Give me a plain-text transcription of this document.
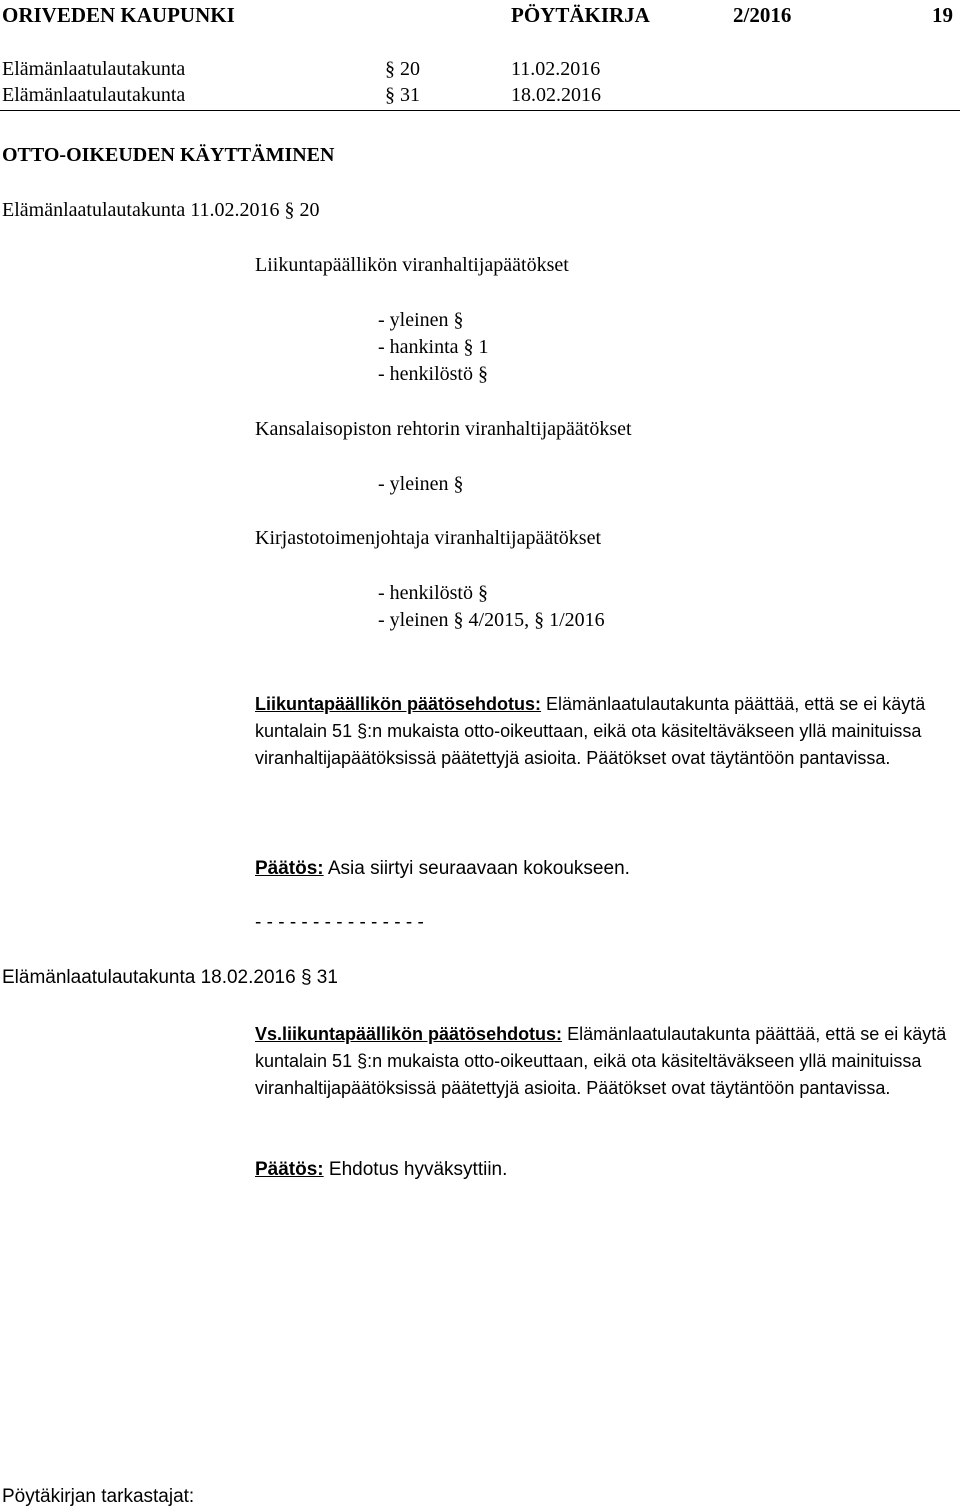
ORIVEDEN KAUPUNKI	PÖYTÄKIRJA	2/2016	19
Elämänlaatulautakunta	§ 20	11.02.2016
Elämänlaatulautakunta	§ 31	18.02.2016
OTTO-OIKEUDEN KÄYTTÄMINEN
Elämänlaatulautakunta 11.02.2016 § 20
Liikuntapäällikön viranhaltijapäätökset
- yleinen §
- hankinta § 1
- henkilöstö §
Kansalaisopiston rehtorin viranhaltijapäätökset
- yleinen §
Kirjastotoimenjohtaja viranhaltijapäätökset
- henkilöstö §
- yleinen § 4/2015, § 1/2016
Liikuntapäällikön päätösehdotus: Elämänlaatulautakunta päättää, että se ei käytä kuntalain 51 §:n mukaista otto-oikeuttaan, eikä ota käsiteltäväkseen yllä mainituissa viranhaltijapäätöksissä päätettyjä asioita. Päätökset ovat täytäntöön pantavissa.
Päätös: Asia siirtyi seuraavaan kokoukseen.
- - - - - - - - - - - - - - -
Elämänlaatulautakunta 18.02.2016 § 31
Vs.liikuntapäällikön päätösehdotus: Elämänlaatulautakunta päättää, että se ei käytä kuntalain 51 §:n mukaista otto-oikeuttaan, eikä ota käsiteltäväkseen yllä mainituissa viranhaltijapäätöksissä päätettyjä asioita. Päätökset ovat täytäntöön pantavissa.
Päätös: Ehdotus hyväksyttiin.
Pöytäkirjan tarkastajat:
